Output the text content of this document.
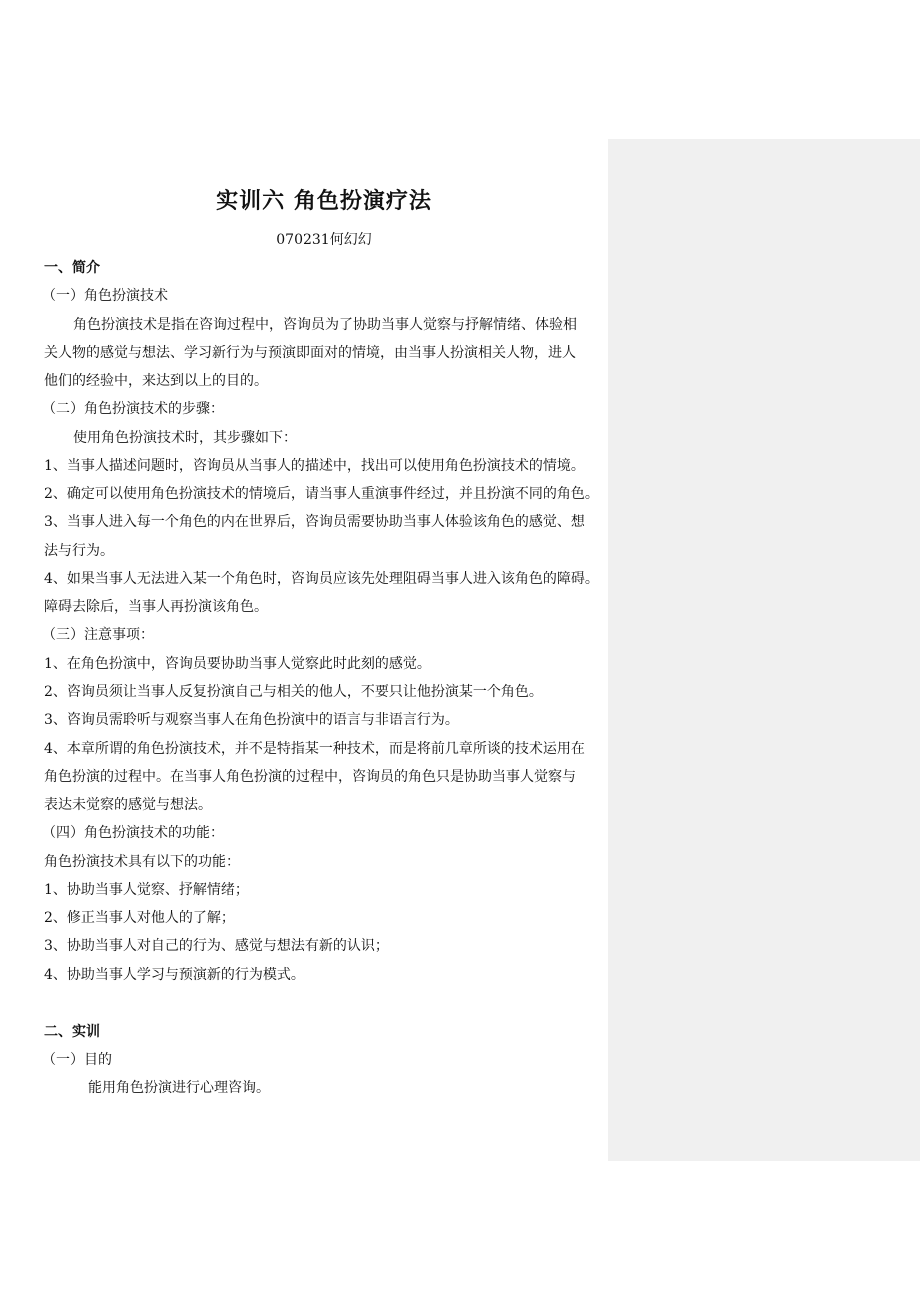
实训六 角色扮演疗法
070231何幻幻
一、简介
（一）角色扮演技术
角色扮演技术是指在咨询过程中，咨询员为了协助当事人觉察与抒解情绪、体验相
关人物的感觉与想法、学习新行为与预演即面对的情境，由当事人扮演相关人物，进人
他们的经验中，来达到以上的目的。
（二）角色扮演技术的步骤：
使用角色扮演技术时，其步骤如下：
1、当事人描述问题时，咨询员从当事人的描述中，找出可以使用角色扮演技术的情境。
2、确定可以使用角色扮演技术的情境后，请当事人重演事件经过，并且扮演不同的角色。
3、当事人进入每一个角色的内在世界后，咨询员需要协助当事人体验该角色的感觉、想
法与行为。
4、如果当事人无法进入某一个角色时，咨询员应该先处理阻碍当事人进入该角色的障碍。
障碍去除后，当事人再扮演该角色。
（三）注意事项：
1、在角色扮演中，咨询员要协助当事人觉察此时此刻的感觉。
2、咨询员须让当事人反复扮演自己与相关的他人，不要只让他扮演某一个角色。
3、咨询员需聆听与观察当事人在角色扮演中的语言与非语言行为。
4、本章所谓的角色扮演技术，并不是特指某一种技术，而是将前几章所谈的技术运用在
角色扮演的过程中。在当事人角色扮演的过程中，咨询员的角色只是协助当事人觉察与
表达未觉察的感觉与想法。
（四）角色扮演技术的功能：
角色扮演技术具有以下的功能：
1、协助当事人觉察、抒解情绪；
2、修正当事人对他人的了解；
3、协助当事人对自己的行为、感觉与想法有新的认识；
4、协助当事人学习与预演新的行为模式。
二、实训
（一）目的
能用角色扮演进行心理咨询。
